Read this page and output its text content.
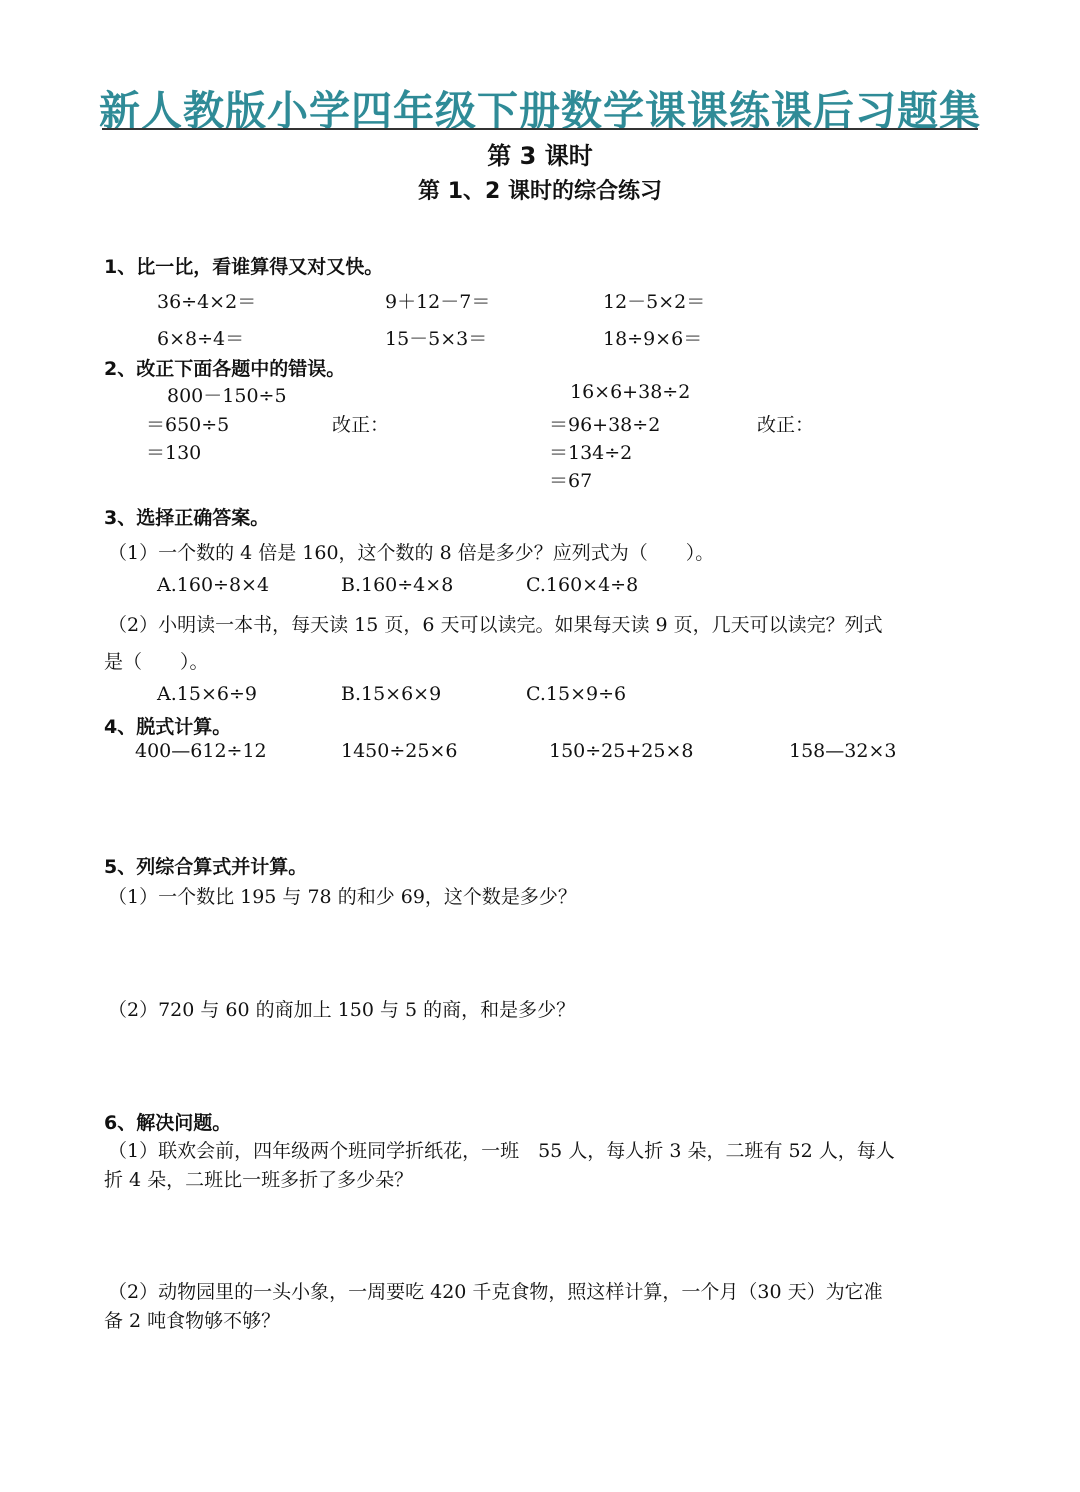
新人教版小学四年级下册数学课课练课后习题集
第 3 课时
第 1、2 课时的综合练习
1、比一比，看谁算得又对又快。
36÷4×2＝	9＋12－7＝	12－5×2＝
6×8÷4＝	15－5×3＝	18÷9×6＝
2、改正下面各题中的错误。
800－150÷5
＝650÷5
＝130
改正：
16×6+38÷2
＝96+38÷2
＝134÷2
＝67
改正：
3、选择正确答案。
（1）一个数的 4 倍是 160，这个数的 8 倍是多少？应列式为（　　）。
A.160÷8×4	B.160÷4×8	C.160×4÷8
（2）小明读一本书，每天读 15 页，6 天可以读完。如果每天读 9 页，几天可以读完？列式
是（　　）。
A.15×6÷9	B.15×6×9	C.15×9÷6
4、脱式计算。
400—612÷12	1450÷25×6	150÷25+25×8	158—32×3
5、列综合算式并计算。
（1）一个数比 195 与 78 的和少 69，这个数是多少？
（2）720 与 60 的商加上 150 与 5 的商，和是多少？
6、解决问题。
（1）联欢会前，四年级两个班同学折纸花，一班　55 人，每人折 3 朵，二班有 52 人，每人
折 4 朵，二班比一班多折了多少朵？
（2）动物园里的一头小象，一周要吃 420 千克食物，照这样计算，一个月（30 天）为它准
备 2 吨食物够不够？
